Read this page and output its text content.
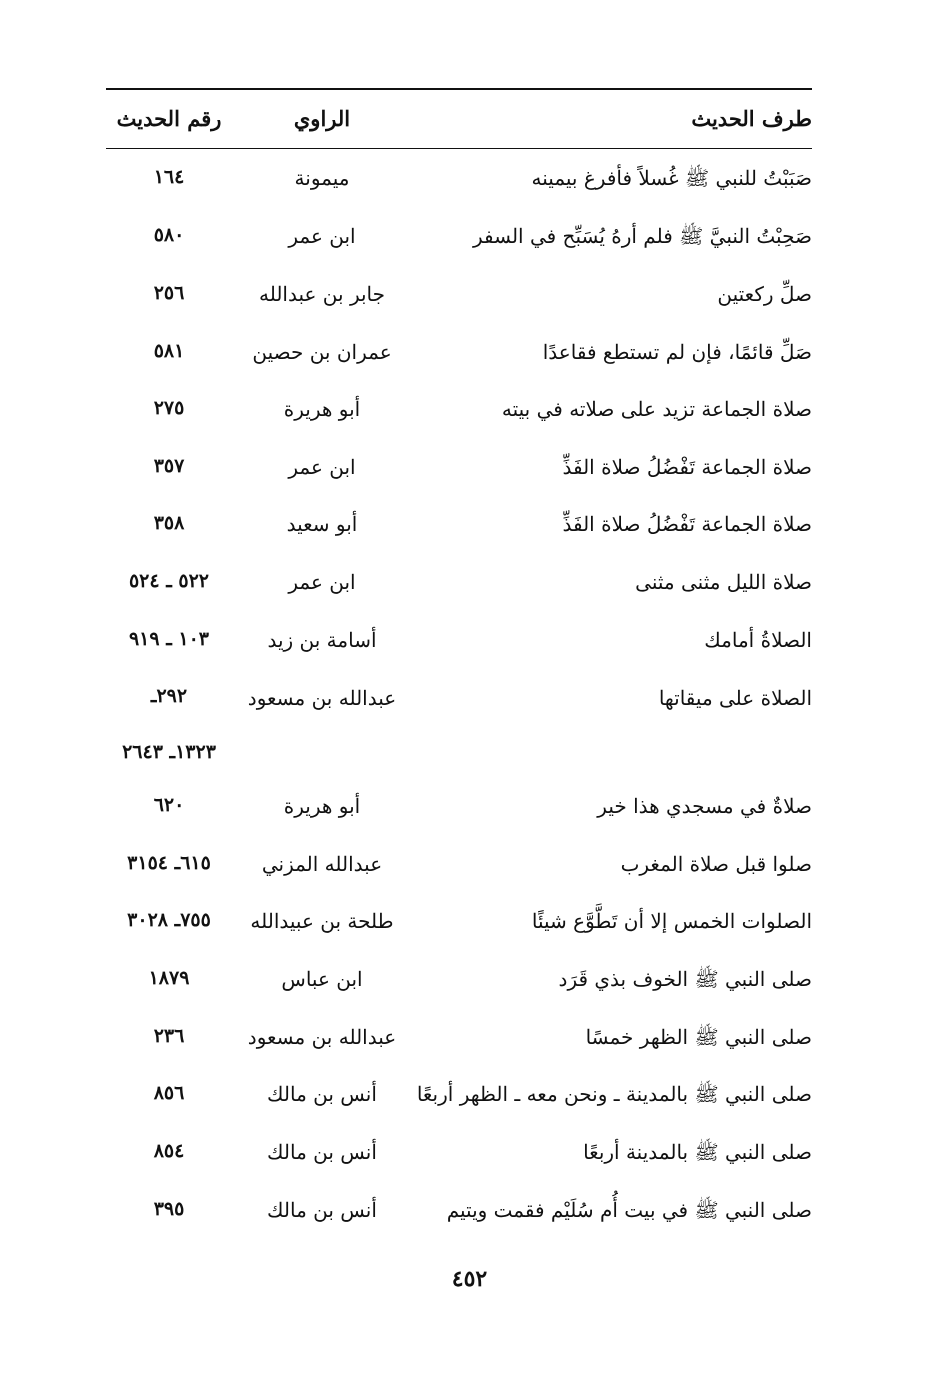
طرف الحديث
الراوي
رقم الحديث
صَبَبْتُ للنبي ﷺ غُسلاً فأفرغ بيمينه
ميمونة
١٦٤
صَحِبْتُ النبيَّ ﷺ فلم أرهُ يُسَبِّح في السفر
ابن عمر
٥٨٠
صلِّ ركعتين
جابر بن عبدالله
٢٥٦
صَلِّ قائمًا، فإن لم تستطع فقاعدًا
عمران بن حصين
٥٨١
صلاة الجماعة تزيد على صلاته في بيته
أبو هريرة
٢٧٥
صلاة الجماعة تَفْضُلُ صلاة الفَذِّ
ابن عمر
٣٥٧
صلاة الجماعة تَفْضُلُ صلاة الفَذِّ
أبو سعيد
٣٥٨
صلاة الليل مثنى مثنى
ابن عمر
٥٢٢ ـ ٥٢٤
الصلاةُ أمامك
أسامة بن زيد
١٠٣ ـ ٩١٩
الصلاة على ميقاتها
عبدالله بن مسعود
٢٩٢ـ
١٣٢٣ـ ٢٦٤٣
صلاةٌ في مسجدي هذا خير
أبو هريرة
٦٢٠
صلوا قبل صلاة المغرب
عبدالله المزني
٦١٥ـ ٣١٥٤
الصلوات الخمس إلا أن تَطَّوَّع شيئًا
طلحة بن عبيدالله
٧٥٥ـ ٣٠٢٨
صلى النبي ﷺ الخوف بذي قَرَد
ابن عباس
١٨٧٩
صلى النبي ﷺ الظهر خمسًا
عبدالله بن مسعود
٢٣٦
صلى النبي ﷺ بالمدينة ـ ونحن معه ـ الظهر أربعًا
أنس بن مالك
٨٥٦
صلى النبي ﷺ بالمدينة أربعًا
أنس بن مالك
٨٥٤
صلى النبي ﷺ في بيت أُم سُلَيْم فقمت ويتيم
أنس بن مالك
٣٩٥
٤٥٢
